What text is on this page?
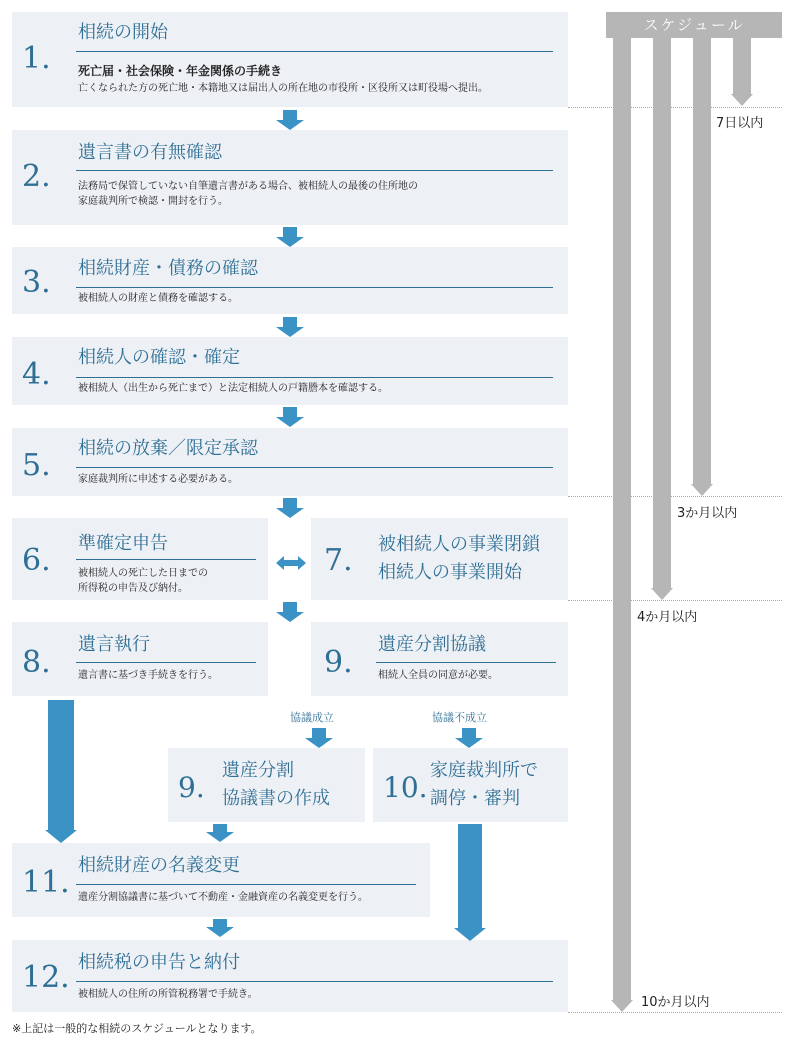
1.
相続の開始
死亡届・社会保険・年金関係の手続き
亡くなられた方の死亡地・本籍地又は届出人の所在地の市役所・区役所又は町役場へ提出。
2.
遺言書の有無確認
法務局で保管していない自筆遺言書がある場合、被相続人の最後の住所地の
家庭裁判所で検認・開封を行う。
3. 相続財産・債務の確認
被相続人の財産と債務を確認する。
4. 相続人の確認・確定
被相続人（出生から死亡まで）と法定相続人の戸籍謄本を確認する。
5. 相続の放棄／限定承認
家庭裁判所に申述する必要がある。
6. 準確定申告
被相続人の死亡した日までの
所得税の申告及び納付。
7. 被相続人の事業閉鎖
相続人の事業開始
8.
遺言執行
遺言書に基づき手続きを行う。	9.
遺産分割協議
相続人全員の同意が必要。
協議成立	協議不成立
9.
遺産分割
協議書の作成 10.
家庭裁判所で
調停・審判
11. 相続財産の名義変更
遺産分割協議書に基づいて不動産・金融資産の名義変更を行う。
12. 相続税の申告と納付
被相続人の住所の所管税務署で手続き。
スケジュール
7日以内
3か月以内
4か月以内
10か月以内
※上記は一般的な相続のスケジュールとなります。
